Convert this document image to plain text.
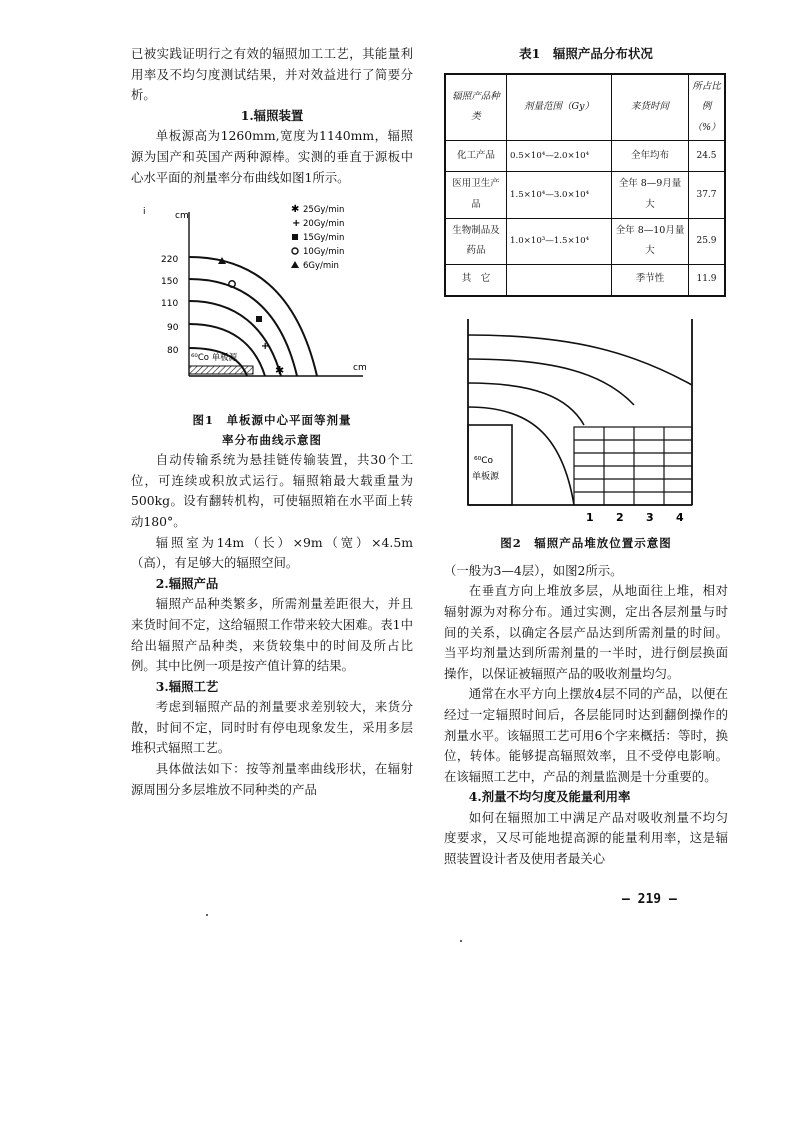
已被实践证明行之有效的辐照加工工艺，其能量利用率及不均匀度测试结果，并对效益进行了简要分析。

1.辐照装置

单板源高为1260mm,宽度为1140mm，辐照源为国产和英国产两种源棒。实测的垂直于源板中心水平面的剂量率分布曲线如图1所示。

i	cm
cm
220
150
110
90
80	+
✱
⁶⁰Co 单板源
✱ 25Gy/min
+ 20Gy/min
15Gy/min
10Gy/min
6Gy/min

图1　单板源中心平面等剂量

率分布曲线示意图

自动传输系统为悬挂链传输装置，共30个工位，可连续或积放式运行。辐照箱最大载重量为500kg。设有翻转机构，可使辐照箱在水平面上转动180°。

辐照室为14m（长）×9m（宽）×4.5m（高），有足够大的辐照空间。

2.辐照产品

辐照产品种类繁多，所需剂量差距很大，并且来货时间不定，这给辐照工作带来较大困难。表1中给出辐照产品种类，来货较集中的时间及所占比例。其中比例一项是按产值计算的结果。

3.辐照工艺

考虑到辐照产品的剂量要求差别较大，来货分散，时间不定，同时时有停电现象发生，采用多层堆积式辐照工艺。

具体做法如下：按等剂量率曲线形状，在辐射源周围分多层堆放不同种类的产品

表1　辐照产品分布状况

辐照产品种类	剂量范围（Gy）	来货时间	所占比例（%）
化工产品	0.5×10⁴—2.0×10⁴	全年均布	24.5
医用卫生产品	1.5×10⁴—3.0×10⁴	全年 8—9月量大	37.7
生物制品及药品	1.0×10³—1.5×10⁴	全年 8—10月量大	25.9
其　它		季节性	11.9
⁶⁰Co
单板源
1 2 3 4

图2　辐照产品堆放位置示意图

（一般为3—4层），如图2所示。

在垂直方向上堆放多层，从地面往上堆，相对辐射源为对称分布。通过实测，定出各层剂量与时间的关系，以确定各层产品达到所需剂量的时间。当平均剂量达到所需剂量的一半时，进行倒层换面操作，以保证被辐照产品的吸收剂量均匀。

通常在水平方向上摆放4层不同的产品，以便在经过一定辐照时间后，各层能同时达到翻倒操作的剂量水平。该辐照工艺可用6个字来概括：等时，换位，转体。能够提高辐照效率，且不受停电影响。在该辐照工艺中，产品的剂量监测是十分重要的。

4.剂量不均匀度及能量利用率

如何在辐照加工中满足产品对吸收剂量不均匀度要求，又尽可能地提高源的能量利用率，这是辐照装置设计者及使用者最关心

— 219 —
